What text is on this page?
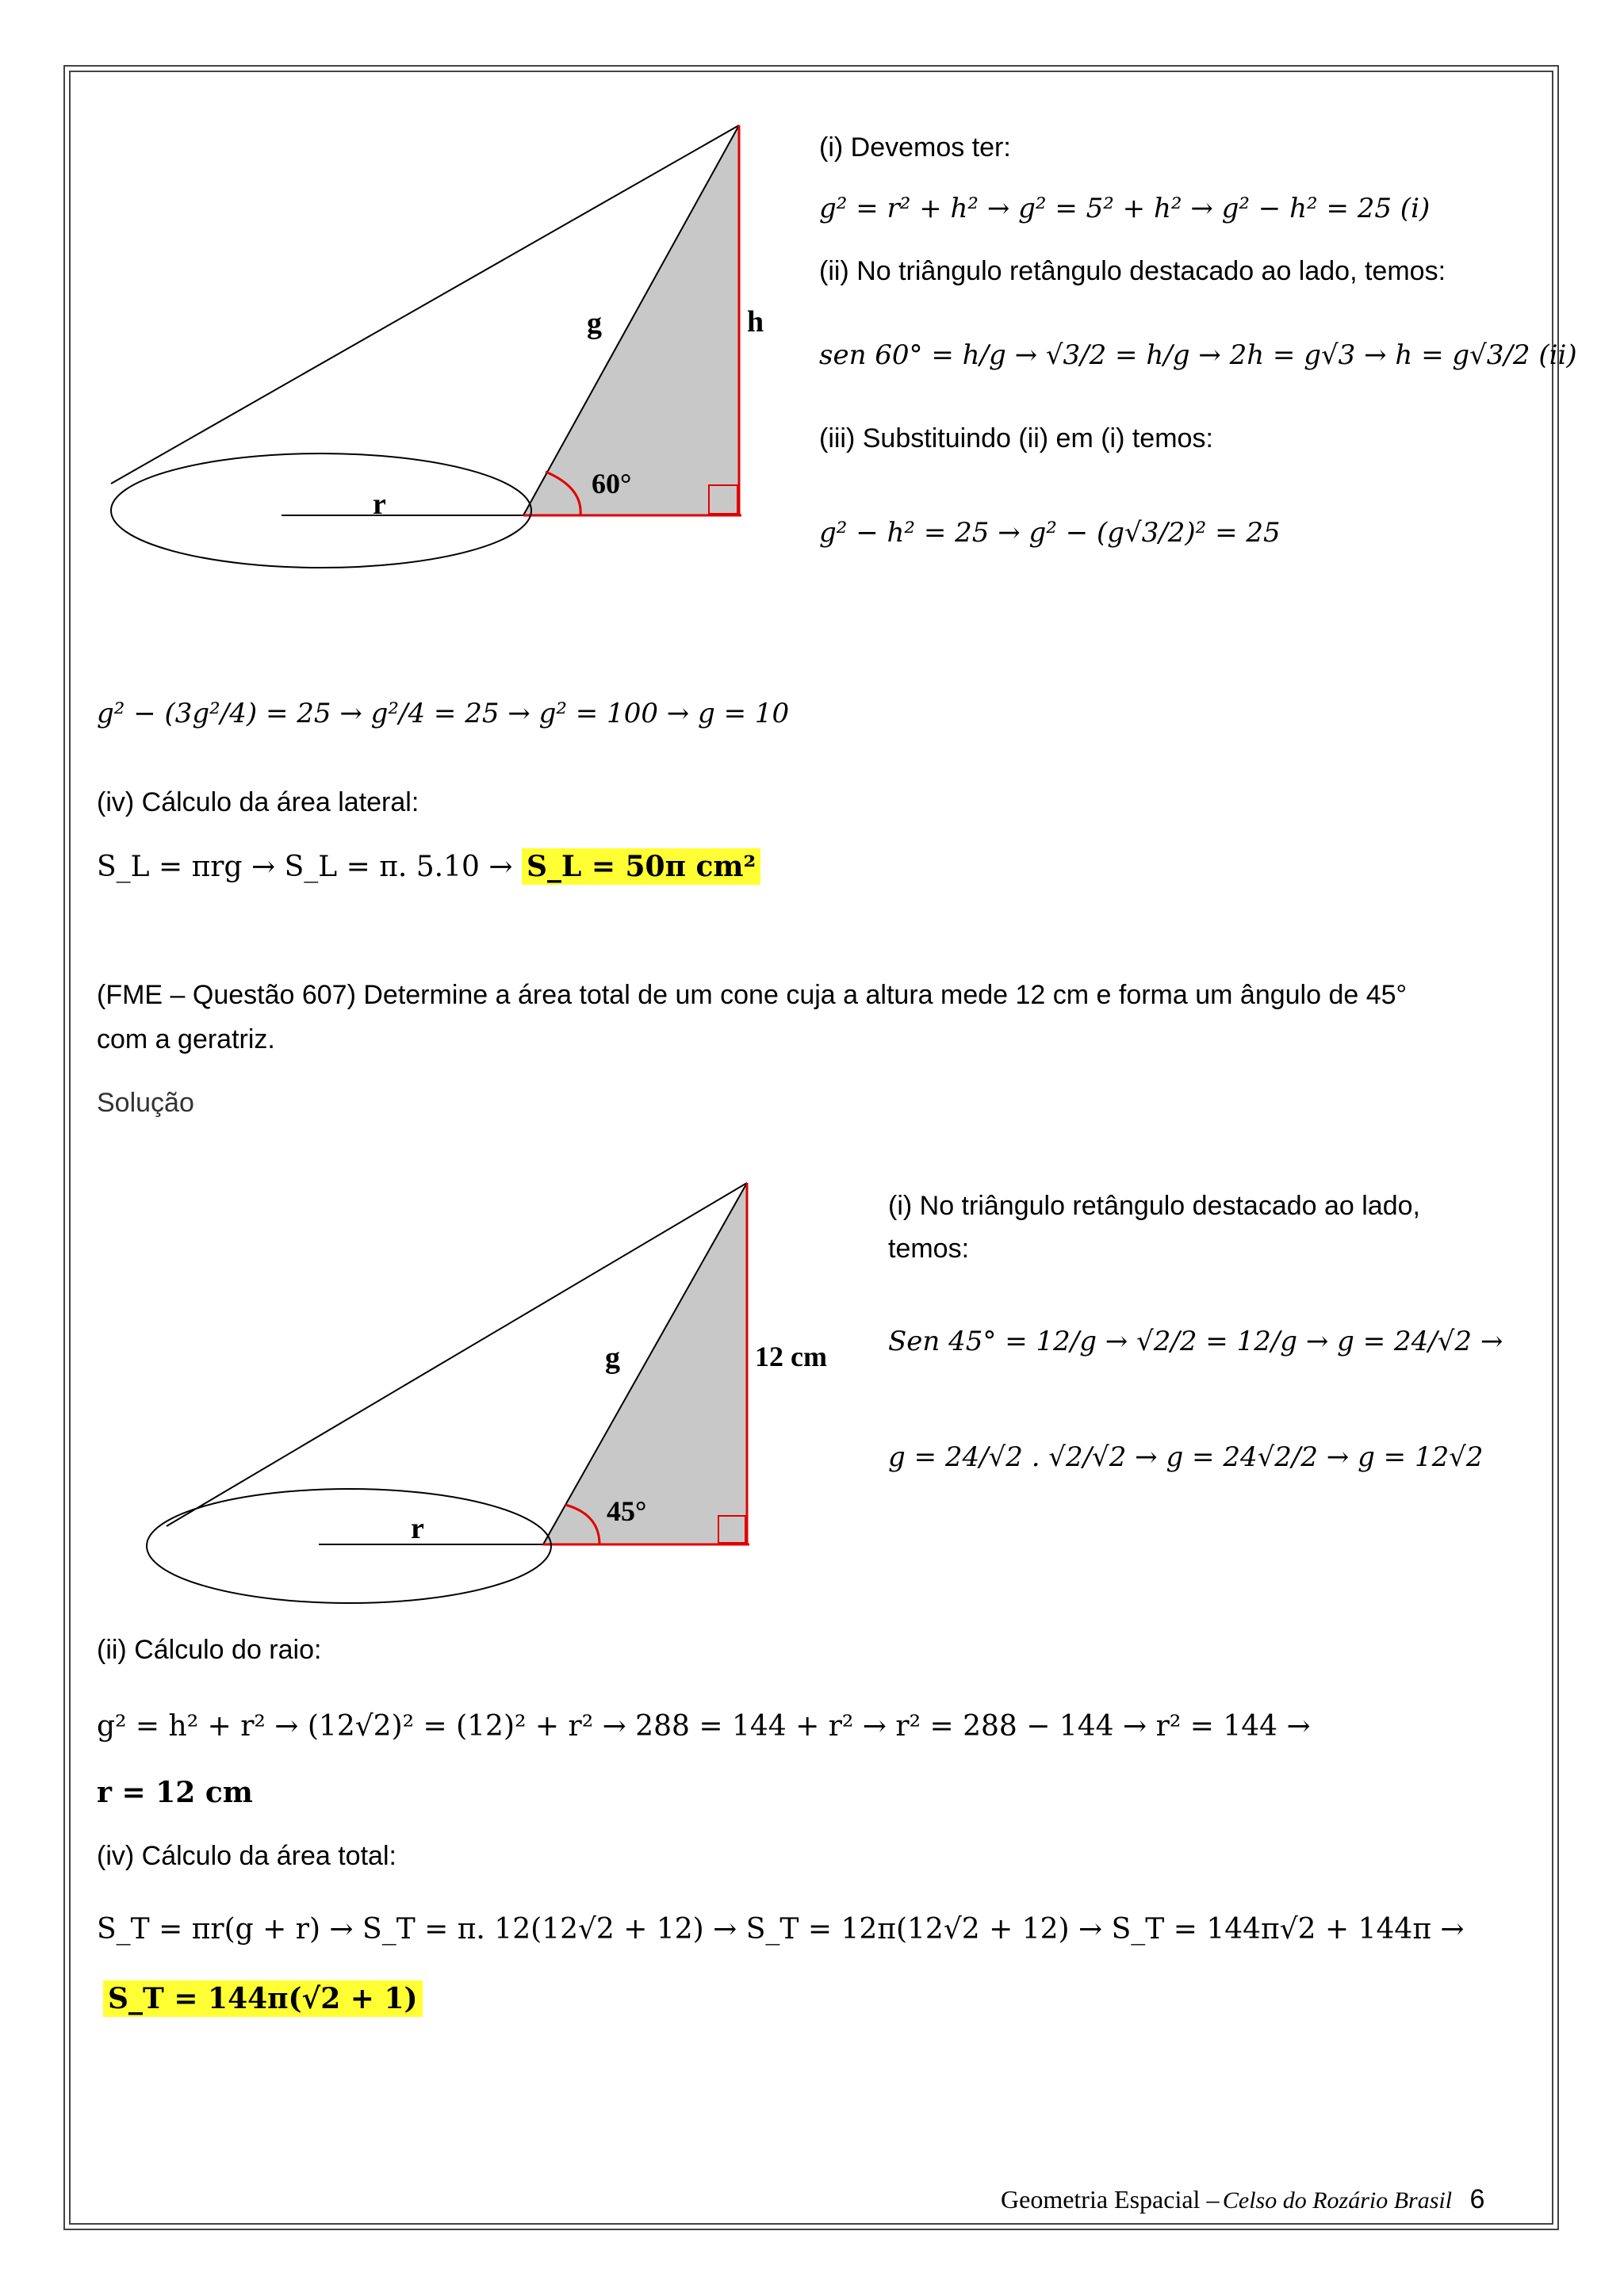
g	h
r
60°
(i) Devemos ter:
g² = r² + h² → g² = 5² + h² → g² − h² = 25 (i)
(ii) No triângulo retângulo destacado ao lado, temos:
sen 60° = h/g → √3/2 = h/g → 2h = g√3 → h = g√3/2 (ii)
(iii) Substituindo (ii) em (i) temos:
g² − h² = 25 → g² − (g√3/2)² = 25
g² − (3g²/4) = 25 → g²/4 = 25 → g² = 100 → g = 10
(iv) Cálculo da área lateral:
S_L = πrg → S_L = π. 5.10 → S_L = 50π cm²
(FME – Questão 607) Determine a área total de um cone cuja a altura mede 12 cm e forma um ângulo de 45°
com a geratriz.
Solução
g	12 cm
r
45°
(i) No triângulo retângulo destacado ao lado,
temos:
Sen 45° = 12/g → √2/2 = 12/g → g = 24/√2 →
g = 24/√2 . √2/√2 → g = 24√2/2 → g = 12√2
(ii) Cálculo do raio:
g² = h² + r² → (12√2)² = (12)² + r² → 288 = 144 + r² → r² = 288 − 144 → r² = 144 →
r = 12 cm
(iv) Cálculo da área total:
S_T = πr(g + r) → S_T = π. 12(12√2 + 12) → S_T = 12π(12√2 + 12) → S_T = 144π√2 + 144π →
S_T = 144π(√2 + 1)
Geometria Espacial – Celso do Rozário Brasil 6
